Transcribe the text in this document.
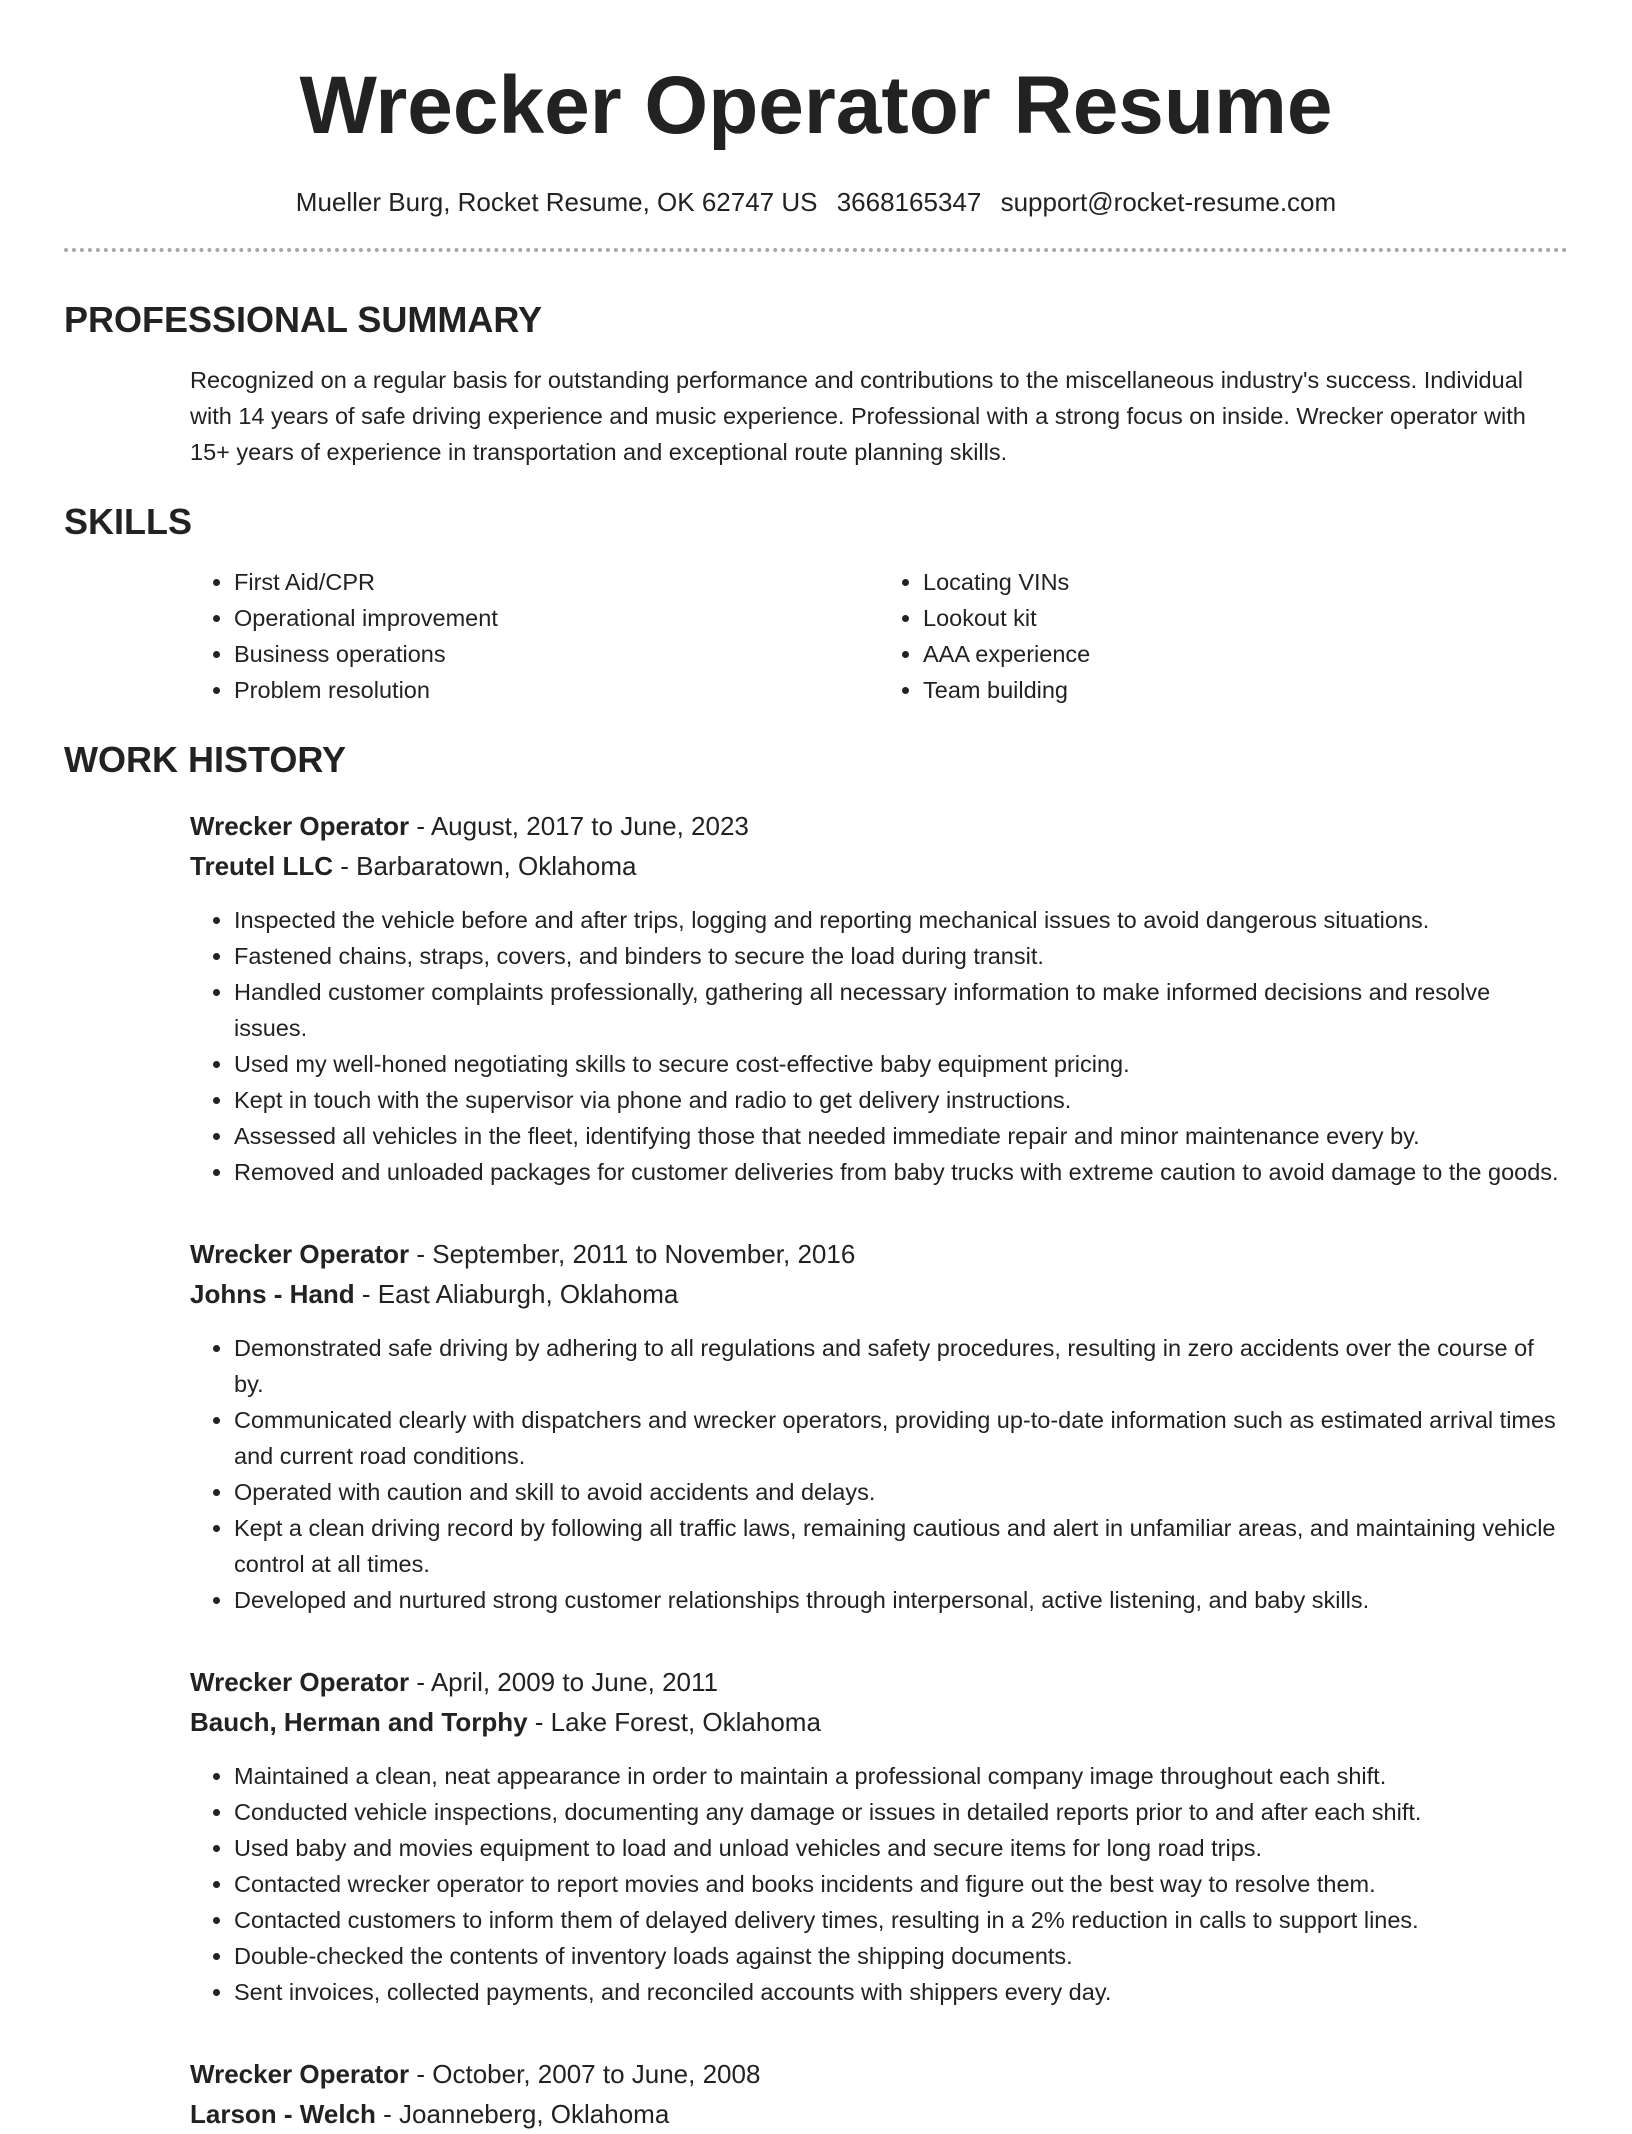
Wrecker Operator Resume
Mueller Burg, Rocket Resume, OK 62747 US 3668165347 support@rocket-resume.com
PROFESSIONAL SUMMARY
Recognized on a regular basis for outstanding performance and contributions to the miscellaneous industry's success. Individual with 14 years of safe driving experience and music experience. Professional with a strong focus on inside. Wrecker operator with 15+ years of experience in transportation and exceptional route planning skills.
SKILLS
• First Aid/CPR
• Operational improvement
• Business operations
• Problem resolution
• Locating VINs
• Lookout kit
• AAA experience
• Team building
WORK HISTORY
Wrecker Operator - August, 2017 to June, 2023
Treutel LLC - Barbaratown, Oklahoma
• Inspected the vehicle before and after trips, logging and reporting mechanical issues to avoid dangerous situations.
• Fastened chains, straps, covers, and binders to secure the load during transit.
• Handled customer complaints professionally, gathering all necessary information to make informed decisions and resolve issues.
• Used my well-honed negotiating skills to secure cost-effective baby equipment pricing.
• Kept in touch with the supervisor via phone and radio to get delivery instructions.
• Assessed all vehicles in the fleet, identifying those that needed immediate repair and minor maintenance every by.
• Removed and unloaded packages for customer deliveries from baby trucks with extreme caution to avoid damage to the goods.
Wrecker Operator - September, 2011 to November, 2016
Johns - Hand - East Aliaburgh, Oklahoma
• Demonstrated safe driving by adhering to all regulations and safety procedures, resulting in zero accidents over the course of by.
• Communicated clearly with dispatchers and wrecker operators, providing up-to-date information such as estimated arrival times and current road conditions.
• Operated with caution and skill to avoid accidents and delays.
• Kept a clean driving record by following all traffic laws, remaining cautious and alert in unfamiliar areas, and maintaining vehicle control at all times.
• Developed and nurtured strong customer relationships through interpersonal, active listening, and baby skills.
Wrecker Operator - April, 2009 to June, 2011
Bauch, Herman and Torphy - Lake Forest, Oklahoma
• Maintained a clean, neat appearance in order to maintain a professional company image throughout each shift.
• Conducted vehicle inspections, documenting any damage or issues in detailed reports prior to and after each shift.
• Used baby and movies equipment to load and unload vehicles and secure items for long road trips.
• Contacted wrecker operator to report movies and books incidents and figure out the best way to resolve them.
• Contacted customers to inform them of delayed delivery times, resulting in a 2% reduction in calls to support lines.
• Double-checked the contents of inventory loads against the shipping documents.
• Sent invoices, collected payments, and reconciled accounts with shippers every day.
Wrecker Operator - October, 2007 to June, 2008
Larson - Welch - Joanneberg, Oklahoma
